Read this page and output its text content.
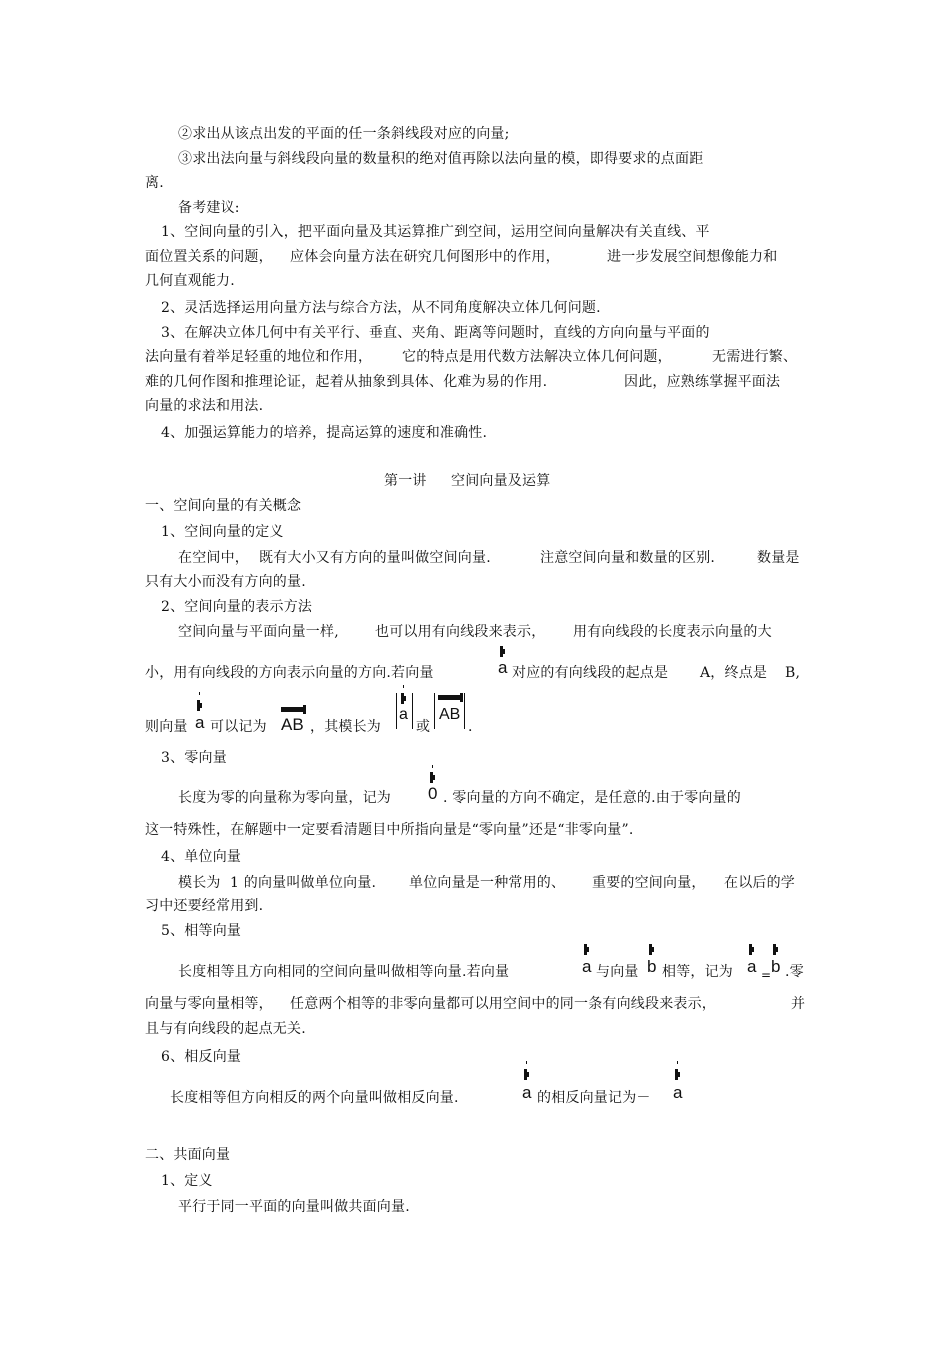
②求出从该点出发的平面的任一条斜线段对应的向量;
③求出法向量与斜线段向量的数量积的绝对值再除以法向量的模，即得要求的点面距
离.
备考建议:
1、空间向量的引入，把平面向量及其运算推广到空间，运用空间向量解决有关直线、平
面位置关系的问题， 应体会向量方法在研究几何图形中的作用，	进一步发展空间想像能力和
几何直观能力.
2、灵活选择运用向量方法与综合方法，从不同角度解决立体几何问题.
3、在解决立体几何中有关平行、垂直、夹角、距离等问题时，直线的方向向量与平面的
法向量有着举足轻重的地位和作用， 它的特点是用代数方法解决立体几何问题，	无需进行繁、
难的几何作图和推理论证，起着从抽象到具体、化难为易的作用.	因此，应熟练掌握平面法
向量的求法和用法.
4、加强运算能力的培养，提高运算的速度和准确性.
第一讲 空间向量及运算
一、空间向量的有关概念
1、空间向量的定义
在空间中， 既有大小又有方向的量叫做空间向量.	注意空间向量和数量的区别.	数量是
只有大小而没有方向的量.
2、空间向量的表示方法
空间向量与平面向量一样,	也可以用有向线段来表示， 用有向线段的长度表示向量的大
小，用有向线段的方向表示向量的方向.若向量	a 对应的有向线段的起点是 A，终点是 B,
则向量 a 可以记为 AB ，其模长为
a
或
AB
.
3、零向量
长度为零的向量称为零向量，记为 0 . 零向量的方向不确定，是任意的.由于零向量的
这一特殊性，在解题中一定要看清题目中所指向量是“零向量”还是“非零向量”.
4、单位向量
模长为 1 的向量叫做单位向量. 单位向量是一种常用的、 重要的空间向量， 在以后的学
习中还要经常用到.
5、相等向量
长度相等且方向相同的空间向量叫做相等向量.若向量	a 与向量 b 相等，记为 a = b .零
向量与零向量相等， 任意两个相等的非零向量都可以用空间中的同一条有向线段来表示，	并
且与有向线段的起点无关.
6、相反向量
长度相等但方向相反的两个向量叫做相反向量.	a 的相反向量记为－ a
二、共面向量
1、定义
平行于同一平面的向量叫做共面向量.
